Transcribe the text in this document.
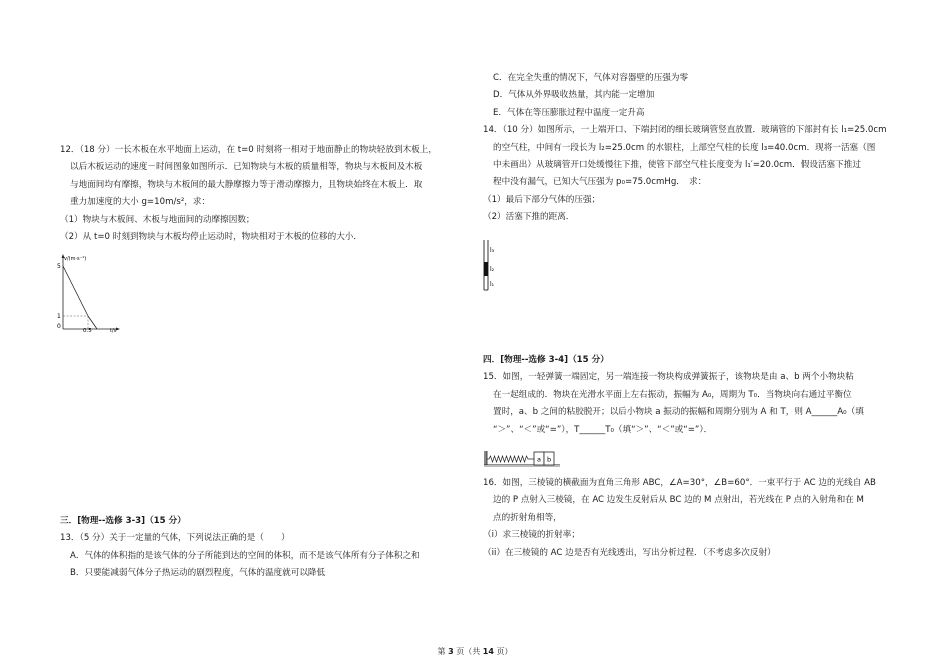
12．（18 分）一长木板在水平地面上运动，在 t=0 时刻将一相对于地面静止的物块轻放到木板上，

以后木板运动的速度－时间图象如图所示．已知物块与木板的质量相等，物块与木板间及木板

与地面间均有摩擦，物块与木板间的最大静摩擦力等于滑动摩擦力，且物块始终在木板上．取

重力加速度的大小 g=10m/s²，求：

（1）物块与木板间、木板与地面间的动摩擦因数；

（2）从 t=0 时刻到物块与木板均停止运动时，物块相对于木板的位移的大小．

v/(m·s⁻¹)
5
1
0
0.5	t/s

三．[物理--选修 3-3]（15 分）

13．（5 分）关于一定量的气体，下列说法正确的是（　　）

A．气体的体积指的是该气体的分子所能到达的空间的体积，而不是该气体所有分子体积之和

B．只要能减弱气体分子热运动的剧烈程度，气体的温度就可以降低

C．在完全失重的情况下，气体对容器壁的压强为零

D．气体从外界吸收热量，其内能一定增加

E．气体在等压膨胀过程中温度一定升高

14．（10 分）如图所示，一上端开口、下端封闭的细长玻璃管竖直放置．玻璃管的下部封有长 l₁=25.0cm

的空气柱，中间有一段长为 l₂=25.0cm 的水银柱，上部空气柱的长度 l₃=40.0cm．现将一活塞（图

中未画出）从玻璃管开口处缓慢往下推，使管下部空气柱长度变为 l₁′=20.0cm．假设活塞下推过

程中没有漏气，已知大气压强为 p₀=75.0cmHg．　求：

（1）最后下部分气体的压强；

（2）活塞下推的距离．

l₃
l₂
l₁

四．[物理--选修 3-4]（15 分）

15．如图，一轻弹簧一端固定，另一端连接一物块构成弹簧振子，该物块是由 a、b 两个小物块粘

在一起组成的．物块在光滑水平面上左右振动，振幅为 A₀，周期为 T₀．当物块向右通过平衡位

置时，a、b 之间的粘胶脱开；以后小物块 a 振动的振幅和周期分别为 A 和 T，则 A______A₀（填

“＞”、“＜”或“=”），T______T₀（填“＞”、“＜”或“=”）．

a b

16．如图，三棱镜的横截面为直角三角形 ABC，∠A=30°，∠B=60°．一束平行于 AC 边的光线自 AB

边的 P 点射入三棱镜，在 AC 边发生反射后从 BC 边的 M 点射出，若光线在 P 点的入射角和在 M

点的折射角相等，

（i）求三棱镜的折射率；

（ii）在三棱镜的 AC 边是否有光线透出，写出分析过程．（不考虑多次反射）

第 3 页（共 14 页）
